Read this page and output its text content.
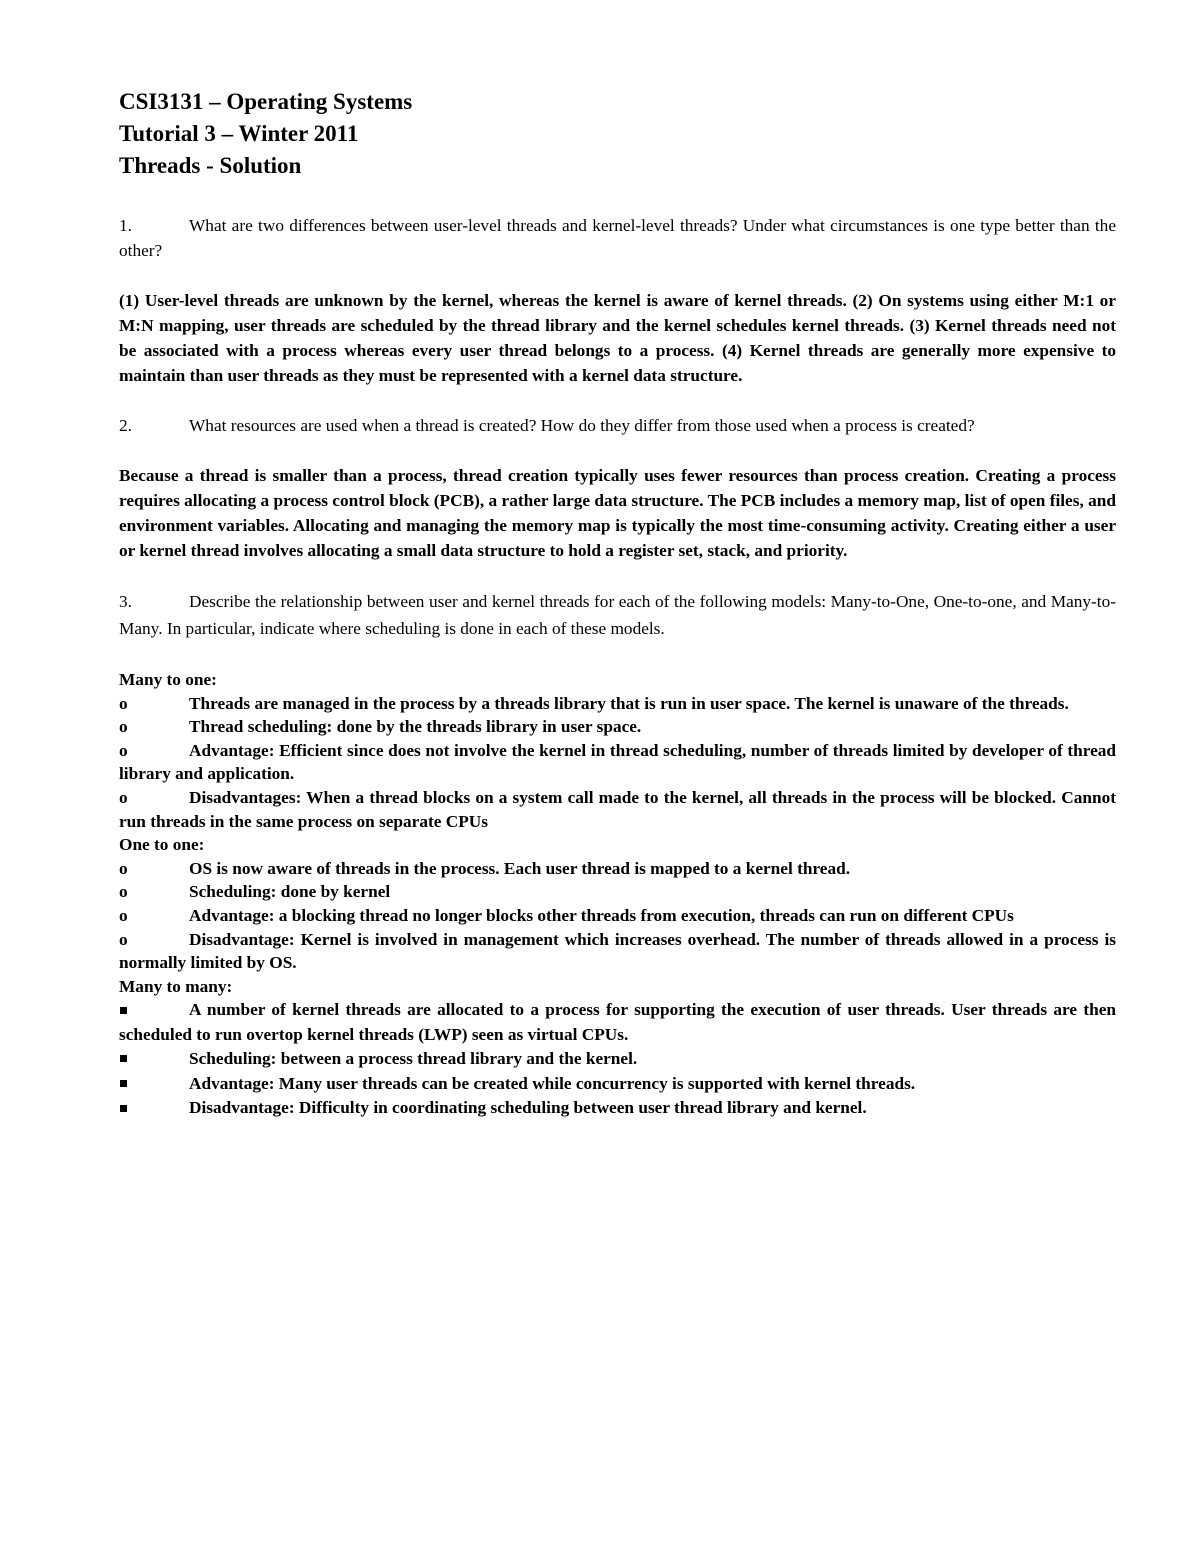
CSI3131 – Operating Systems

Tutorial 3 – Winter 2011

Threads - Solution

1.	What are two differences between user-level threads and kernel-level threads? Under what circumstances is one type better than the other?

(1) User-level threads are unknown by the kernel, whereas the kernel is aware of kernel threads. (2) On systems using either M:1 or M:N mapping, user threads are scheduled by the thread library and the kernel schedules kernel threads. (3) Kernel threads need not be associated with a process whereas every user thread belongs to a process. (4) Kernel threads are generally more expensive to maintain than user threads as they must be represented with a kernel data structure.

2.	What resources are used when a thread is created? How do they differ from those used when a process is created?

Because a thread is smaller than a process, thread creation typically uses fewer resources than process creation. Creating a process requires allocating a process control block (PCB), a rather large data structure. The PCB includes a memory map, list of open files, and environment variables. Allocating and managing the memory map is typically the most time-consuming activity. Creating either a user or kernel thread involves allocating a small data structure to hold a register set, stack, and priority.

3.	Describe the relationship between user and kernel threads for each of the following models: Many-to-One, One-to-one, and Many-to-Many. In particular, indicate where scheduling is done in each of these models.

Many to one:

o	Threads are managed in the process by a threads library that is run in user space. The kernel is unaware of the threads.

o	Thread scheduling: done by the threads library in user space.

o	Advantage: Efficient since does not involve the kernel in thread scheduling, number of threads limited by developer of thread library and application.

o	Disadvantages: When a thread blocks on a system call made to the kernel, all threads in the process will be blocked. Cannot run threads in the same process on separate CPUs

One to one:

o	OS is now aware of threads in the process. Each user thread is mapped to a kernel thread.

o	Scheduling: done by kernel

o	Advantage: a blocking thread no longer blocks other threads from execution, threads can run on different CPUs

o	Disadvantage: Kernel is involved in management which increases overhead. The number of threads allowed in a process is normally limited by OS.

Many to many:

A number of kernel threads are allocated to a process for supporting the execution of user threads. User threads are then scheduled to run overtop kernel threads (LWP) seen as virtual CPUs.

Scheduling: between a process thread library and the kernel.

Advantage: Many user threads can be created while concurrency is supported with kernel threads.

Disadvantage: Difficulty in coordinating scheduling between user thread library and kernel.
